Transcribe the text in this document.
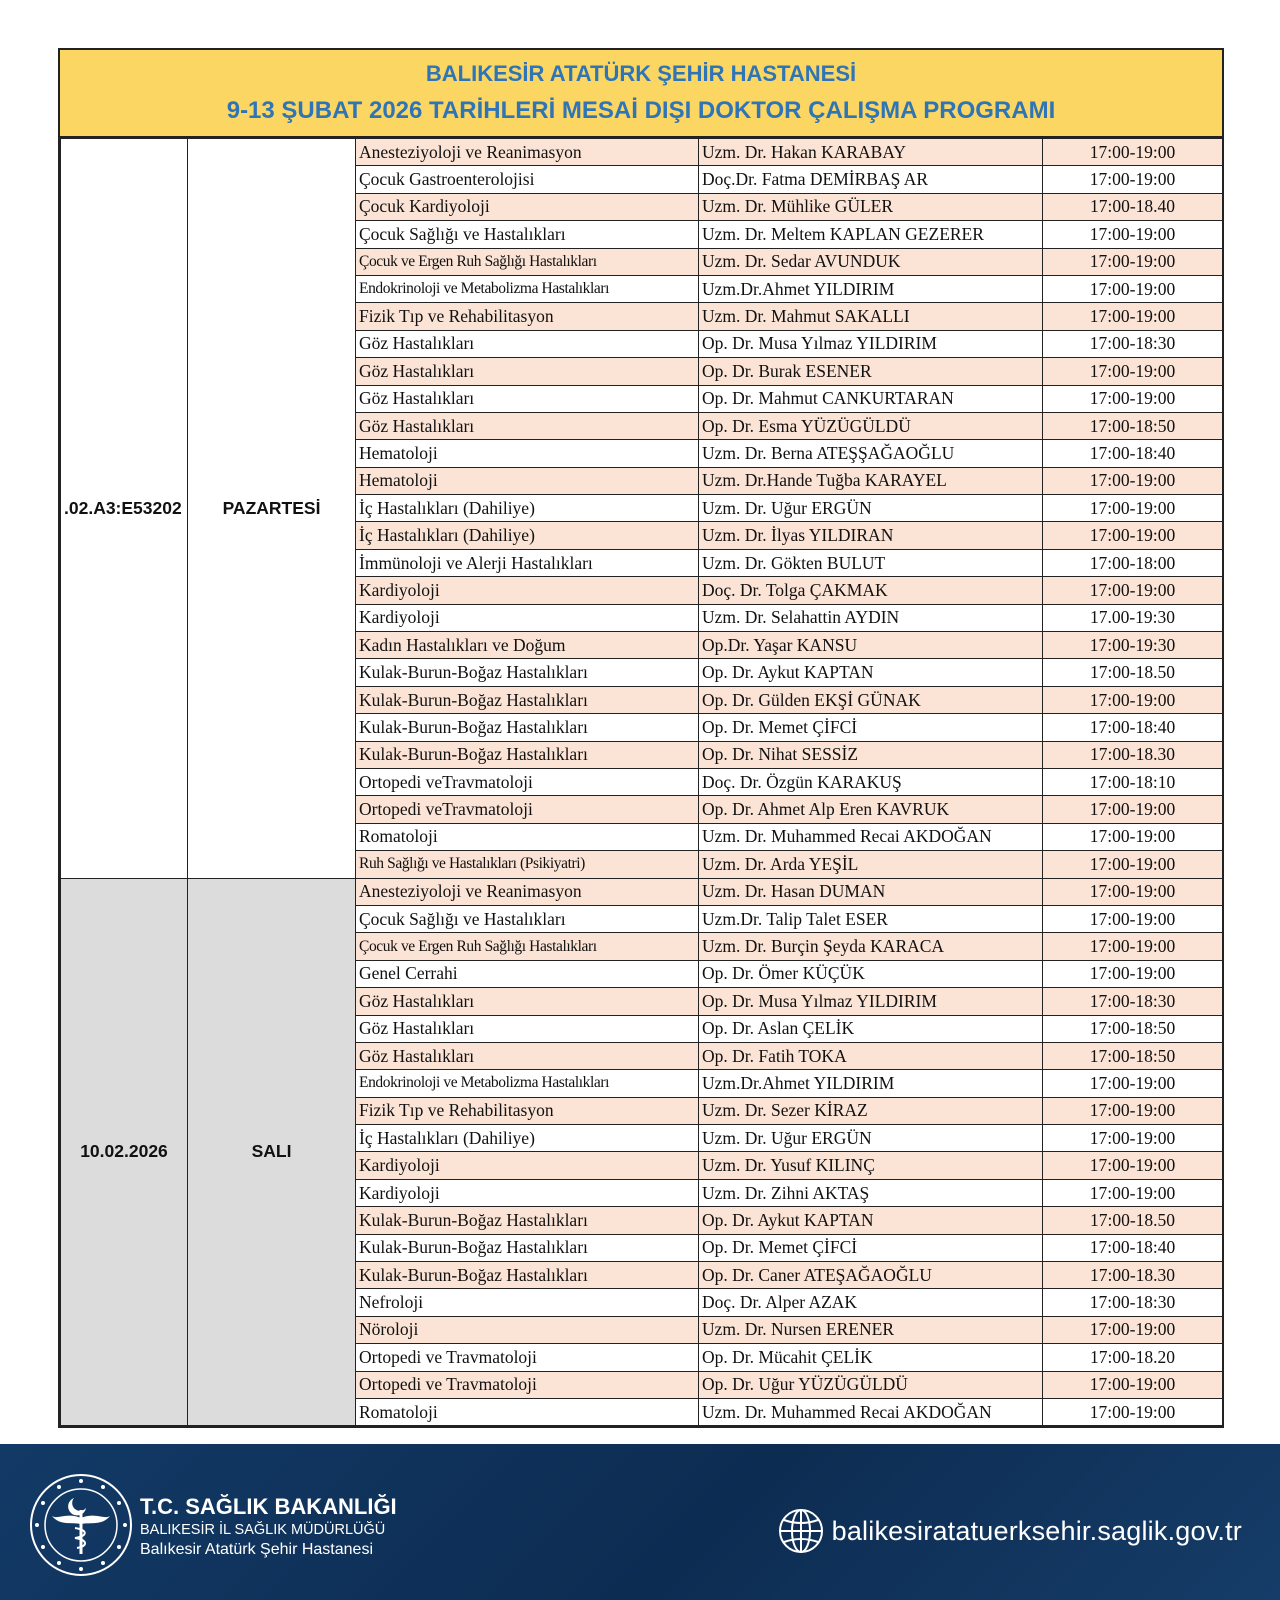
BALIKESİR ATATÜRK ŞEHİR HASTANESİ
9-13 ŞUBAT 2026 TARİHLERİ MESAİ DIŞI DOKTOR ÇALIŞMA PROGRAMI
.02.A3:E53202	PAZARTESİ	Anesteziyoloji ve Reanimasyon	Uzm. Dr. Hakan KARABAY	17:00-19:00
		Çocuk Gastroenterolojisi	Doç.Dr. Fatma DEMİRBAŞ AR	17:00-19:00
		Çocuk Kardiyoloji	Uzm. Dr. Mühlike GÜLER	17:00-18.40
		Çocuk Sağlığı ve Hastalıkları	Uzm. Dr. Meltem KAPLAN GEZERER	17:00-19:00
		Çocuk ve Ergen Ruh Sağlığı Hastalıkları	Uzm. Dr. Sedar AVUNDUK	17:00-19:00
		Endokrinoloji ve Metabolizma Hastalıkları	Uzm.Dr.Ahmet YILDIRIM	17:00-19:00
		Fizik Tıp ve Rehabilitasyon	Uzm. Dr. Mahmut SAKALLI	17:00-19:00
		Göz Hastalıkları	Op. Dr. Musa Yılmaz YILDIRIM	17:00-18:30
		Göz Hastalıkları	Op. Dr. Burak ESENER	17:00-19:00
		Göz Hastalıkları	Op. Dr. Mahmut CANKURTARAN	17:00-19:00
		Göz Hastalıkları	Op. Dr. Esma YÜZÜGÜLDÜ	17:00-18:50
		Hematoloji	Uzm. Dr. Berna ATEŞŞAĞAOĞLU	17:00-18:40
		Hematoloji	Uzm. Dr.Hande Tuğba KARAYEL	17:00-19:00
		İç Hastalıkları (Dahiliye)	Uzm. Dr. Uğur ERGÜN	17:00-19:00
		İç Hastalıkları (Dahiliye)	Uzm. Dr. İlyas YILDIRAN	17:00-19:00
		İmmünoloji ve Alerji Hastalıkları	Uzm. Dr. Gökten BULUT	17:00-18:00
		Kardiyoloji	Doç. Dr. Tolga ÇAKMAK	17:00-19:00
		Kardiyoloji	Uzm. Dr. Selahattin AYDIN	17.00-19:30
		Kadın Hastalıkları ve Doğum	Op.Dr. Yaşar KANSU	17:00-19:30
		Kulak-Burun-Boğaz Hastalıkları	Op. Dr. Aykut KAPTAN	17:00-18.50
		Kulak-Burun-Boğaz Hastalıkları	Op. Dr. Gülden EKŞİ GÜNAK	17:00-19:00
		Kulak-Burun-Boğaz Hastalıkları	Op. Dr. Memet ÇİFCİ	17:00-18:40
		Kulak-Burun-Boğaz Hastalıkları	Op. Dr. Nihat SESSİZ	17:00-18.30
		Ortopedi veTravmatoloji	Doç. Dr. Özgün KARAKUŞ	17:00-18:10
		Ortopedi veTravmatoloji	Op. Dr. Ahmet Alp Eren KAVRUK	17:00-19:00
		Romatoloji	Uzm. Dr. Muhammed Recai AKDOĞAN	17:00-19:00
		Ruh Sağlığı ve Hastalıkları (Psikiyatri)	Uzm. Dr. Arda YEŞİL	17:00-19:00
10.02.2026	SALI	Anesteziyoloji ve Reanimasyon	Uzm. Dr. Hasan DUMAN	17:00-19:00
		Çocuk Sağlığı ve Hastalıkları	Uzm.Dr. Talip Talet ESER	17:00-19:00
		Çocuk ve Ergen Ruh Sağlığı Hastalıkları	Uzm. Dr. Burçin Şeyda KARACA	17:00-19:00
		Genel Cerrahi	Op. Dr. Ömer KÜÇÜK	17:00-19:00
		Göz Hastalıkları	Op. Dr. Musa Yılmaz YILDIRIM	17:00-18:30
		Göz Hastalıkları	Op. Dr. Aslan ÇELİK	17:00-18:50
		Göz Hastalıkları	Op. Dr. Fatih TOKA	17:00-18:50
		Endokrinoloji ve Metabolizma Hastalıkları	Uzm.Dr.Ahmet YILDIRIM	17:00-19:00
		Fizik Tıp ve Rehabilitasyon	Uzm. Dr. Sezer KİRAZ	17:00-19:00
		İç Hastalıkları (Dahiliye)	Uzm. Dr. Uğur ERGÜN	17:00-19:00
		Kardiyoloji	Uzm. Dr. Yusuf KILINÇ	17:00-19:00
		Kardiyoloji	Uzm. Dr. Zihni AKTAŞ	17:00-19:00
		Kulak-Burun-Boğaz Hastalıkları	Op. Dr. Aykut KAPTAN	17:00-18.50
		Kulak-Burun-Boğaz Hastalıkları	Op. Dr. Memet ÇİFCİ	17:00-18:40
		Kulak-Burun-Boğaz Hastalıkları	Op. Dr. Caner ATEŞAĞAOĞLU	17:00-18.30
		Nefroloji	Doç. Dr. Alper AZAK	17:00-18:30
		Nöroloji	Uzm. Dr. Nursen ERENER	17:00-19:00
		Ortopedi ve Travmatoloji	Op. Dr. Mücahit ÇELİK	17:00-18.20
		Ortopedi ve Travmatoloji	Op. Dr. Uğur YÜZÜGÜLDÜ	17:00-19:00
		Romatoloji	Uzm. Dr. Muhammed Recai AKDOĞAN	17:00-19:00
T.C. SAĞLIK BAKANLIĞI
BALIKESİR İL SAĞLIK MÜDÜRLÜĞÜ
Balıkesir Atatürk Şehir Hastanesi
balikesiratatuerksehir.saglik.gov.tr
